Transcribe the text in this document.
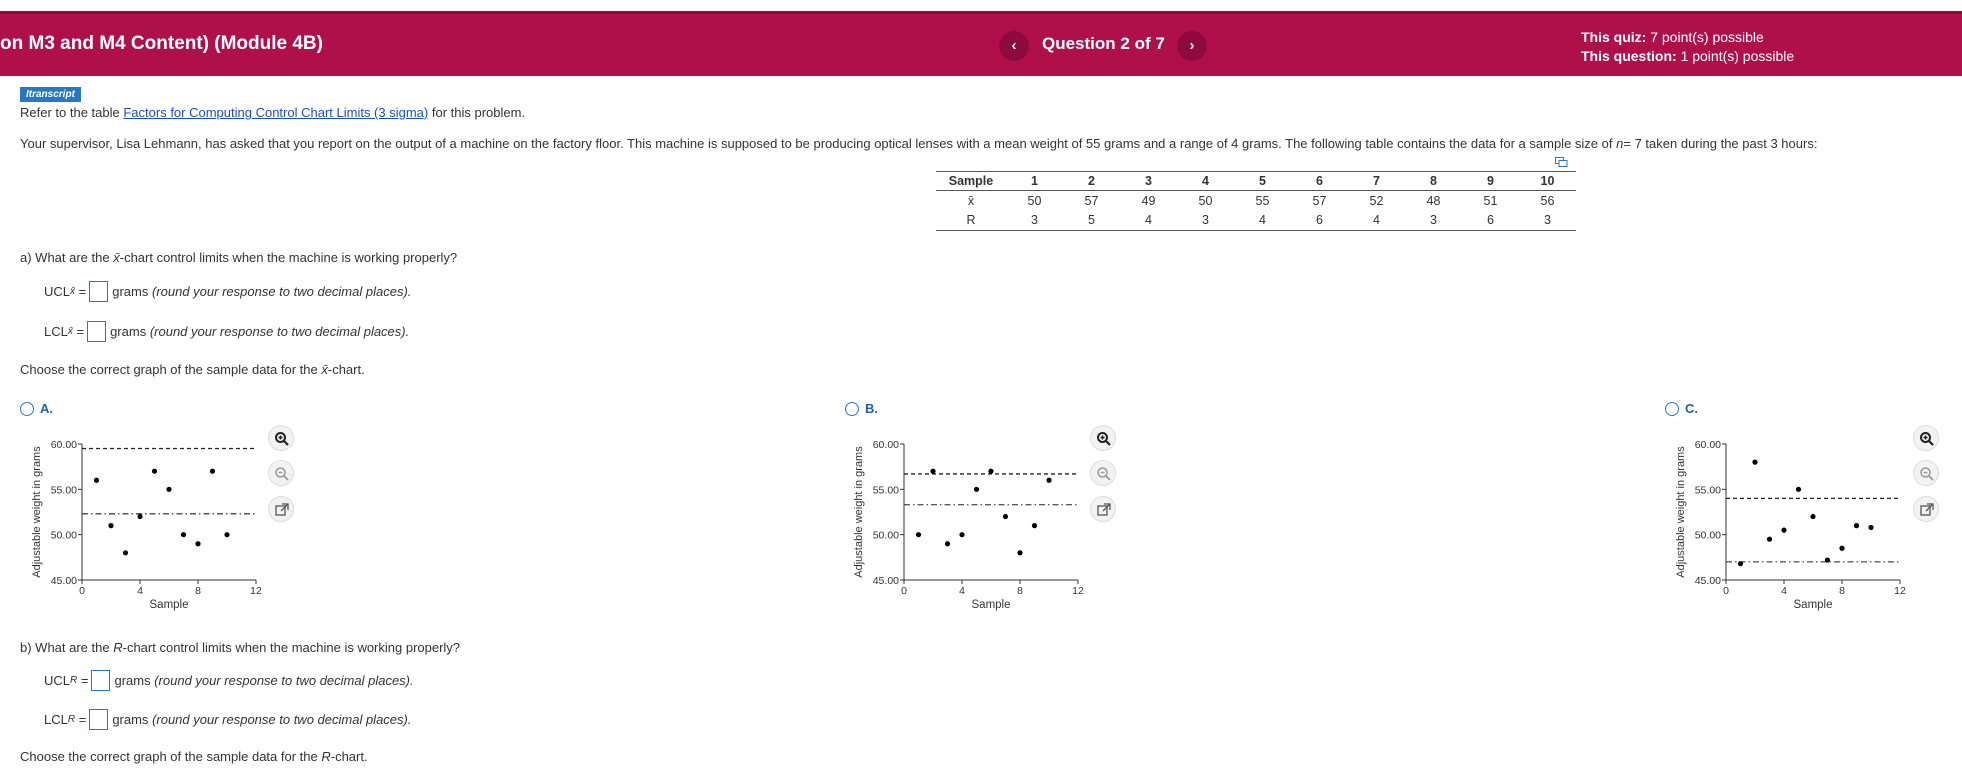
on M3 and M4 Content) (Module 4B)	‹	Question 2 of 7	›	This quiz: 7 point(s) possible
This question: 1 point(s) possible
Itranscript
Refer to the table Factors for Computing Control Chart Limits (3 sigma) for this problem.
Your supervisor, Lisa Lehmann, has asked that you report on the output of a machine on the factory floor. This machine is supposed to be producing optical lenses with a mean weight of 55 grams and a range of 4 grams. The following table contains the data for a sample size of n= 7 taken during the past 3 hours:
Sample	1	2	3	4	5	6	7	8	9	10
x̄	50	57	49	50	55	57	52	48	51	56
R	3	5	4	3	4	6	4	3	6	3
a) What are the x̄-chart control limits when the machine is working properly?
UCL x̄
= grams
(round your response to two decimal places).
LCL x̄
= grams
(round your response to two decimal places).
Choose the correct graph of the sample data for the x̄-chart.
A.	B.	C.
Adjustable weight in grams
45.00
50.00
55.00
60.00
0	4	8	12
Sample
Adjustable weight in grams
45.00
50.00
55.00
60.00
0	4	8	12
Sample
Adjustable weight in grams
45.00
50.00
55.00
60.00
0	4	8	12
Sample
b) What are the R-chart control limits when the machine is working properly?
UCL R
= grams
(round your response to two decimal places).
LCL R
= grams
(round your response to two decimal places).
Choose the correct graph of the sample data for the R-chart.
